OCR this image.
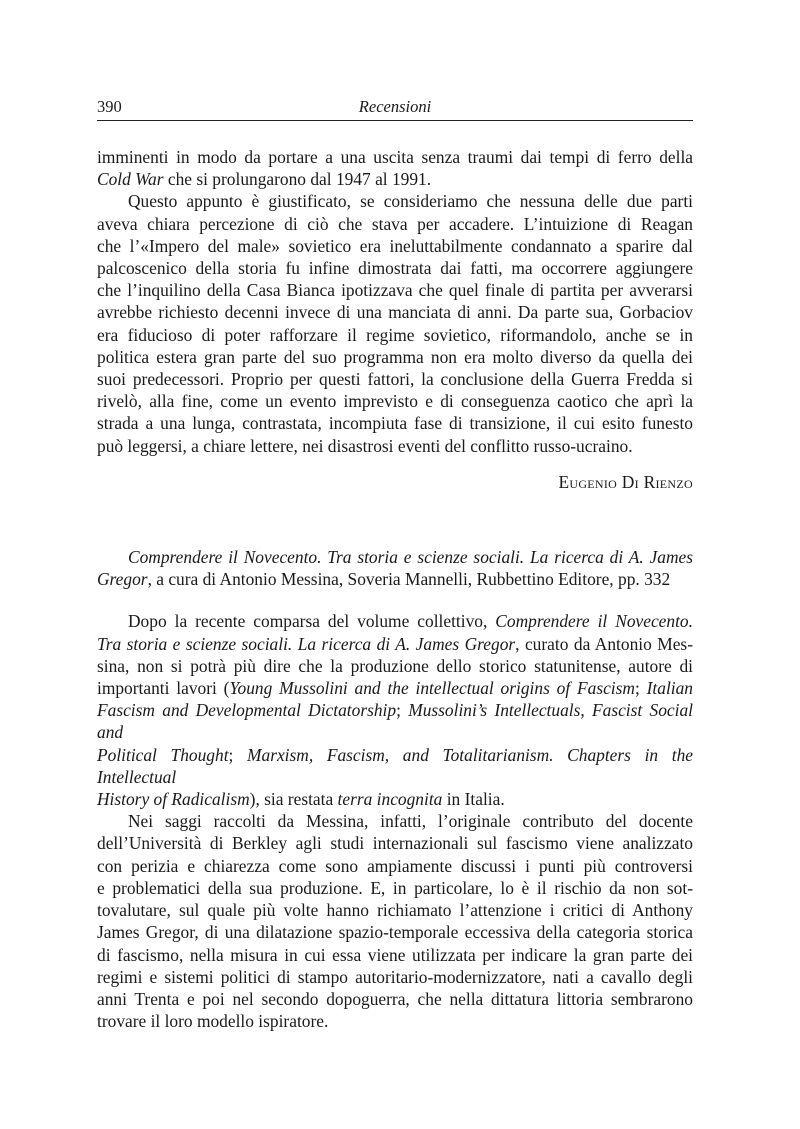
390	Recensioni

imminenti in modo da portare a una uscita senza traumi dai tempi di ferro della

Cold War che si prolungarono dal 1947 al 1991.

Questo appunto è giustificato, se consideriamo che nessuna delle due parti

aveva chiara percezione di ciò che stava per accadere. L’intuizione di Reagan

che l’«Impero del male» sovietico era ineluttabilmente condannato a sparire dal

palcoscenico della storia fu infine dimostrata dai fatti, ma occorrere aggiungere

che l’inquilino della Casa Bianca ipotizzava che quel finale di partita per avverarsi

avrebbe richiesto decenni invece di una manciata di anni. Da parte sua, Gorbaciov

era fiducioso di poter rafforzare il regime sovietico, riformandolo, anche se in

politica estera gran parte del suo programma non era molto diverso da quella dei

suoi predecessori. Proprio per questi fattori, la conclusione della Guerra Fredda si

rivelò, alla fine, come un evento imprevisto e di conseguenza caotico che aprì la

strada a una lunga, contrastata, incompiuta fase di transizione, il cui esito funesto

può leggersi, a chiare lettere, nei disastrosi eventi del conflitto russo-ucraino.

Eugenio Di Rienzo

Comprendere il Novecento. Tra storia e scienze sociali. La ricerca di A. James

Gregor, a cura di Antonio Messina, Soveria Mannelli, Rubbettino Editore, pp. 332

Dopo la recente comparsa del volume collettivo, Comprendere il Novecento.

Tra storia e scienze sociali. La ricerca di A. James Gregor, curato da Antonio Mes-

sina, non si potrà più dire che la produzione dello storico statunitense, autore di

importanti lavori (Young Mussolini and the intellectual origins of Fascism; Italian

Fascism and Developmental Dictatorship; Mussolini’s Intellectuals, Fascist Social and

Political Thought; Marxism, Fascism, and Totalitarianism. Chapters in the Intellectual

History of Radicalism), sia restata terra incognita in Italia.

Nei saggi raccolti da Messina, infatti, l’originale contributo del docente

dell’Università di Berkley agli studi internazionali sul fascismo viene analizzato

con perizia e chiarezza come sono ampiamente discussi i punti più controversi

e problematici della sua produzione. E, in particolare, lo è il rischio da non sot-

tovalutare, sul quale più volte hanno richiamato l’attenzione i critici di Anthony

James Gregor, di una dilatazione spazio-temporale eccessiva della categoria storica

di fascismo, nella misura in cui essa viene utilizzata per indicare la gran parte dei

regimi e sistemi politici di stampo autoritario-modernizzatore, nati a cavallo degli

anni Trenta e poi nel secondo dopoguerra, che nella dittatura littoria sembrarono

trovare il loro modello ispiratore.
